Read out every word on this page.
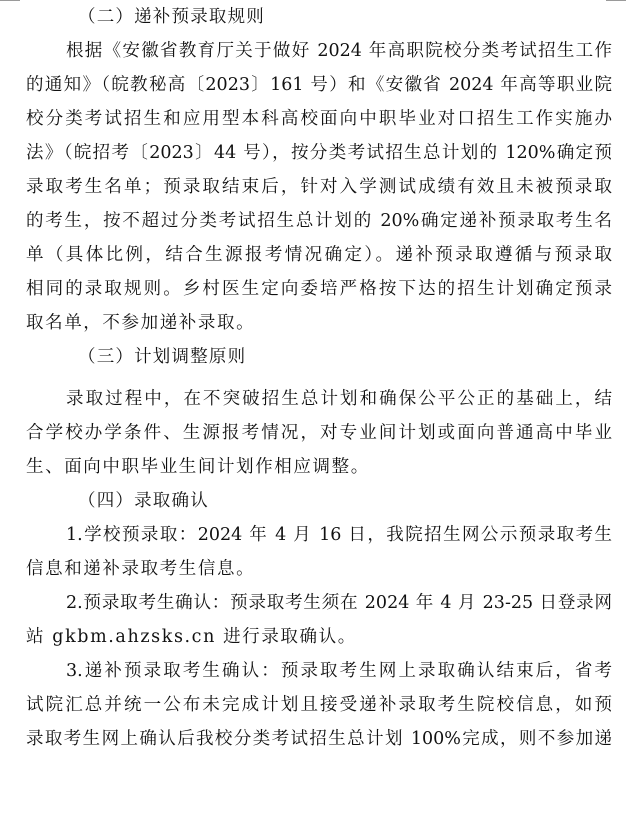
（二）递补预录取规则
根据《安徽省教育厅关于做好 2024 年高职院校分类考试招生工作
的通知》（皖教秘高〔2023〕161 号）和《安徽省 2024 年高等职业院
校分类考试招生和应用型本科高校面向中职毕业对口招生工作实施办
法》（皖招考〔2023〕44 号），按分类考试招生总计划的 120%确定预
录取考生名单；预录取结束后，针对入学测试成绩有效且未被预录取
的考生，按不超过分类考试招生总计划的 20%确定递补预录取考生名
单（具体比例，结合生源报考情况确定）。递补预录取遵循与预录取
相同的录取规则。乡村医生定向委培严格按下达的招生计划确定预录
取名单，不参加递补录取。
（三）计划调整原则
录取过程中，在不突破招生总计划和确保公平公正的基础上，结
合学校办学条件、生源报考情况，对专业间计划或面向普通高中毕业
生、面向中职毕业生间计划作相应调整。
（四）录取确认
1.学校预录取：2024 年 4 月 16 日，我院招生网公示预录取考生
信息和递补录取考生信息。
2.预录取考生确认：预录取考生须在 2024 年 4 月 23-25 日登录网
站 gkbm.ahzsks.cn 进行录取确认。
3.递补预录取考生确认：预录取考生网上录取确认结束后，省考
试院汇总并统一公布未完成计划且接受递补录取考生院校信息，如预
录取考生网上确认后我校分类考试招生总计划 100%完成，则不参加递
